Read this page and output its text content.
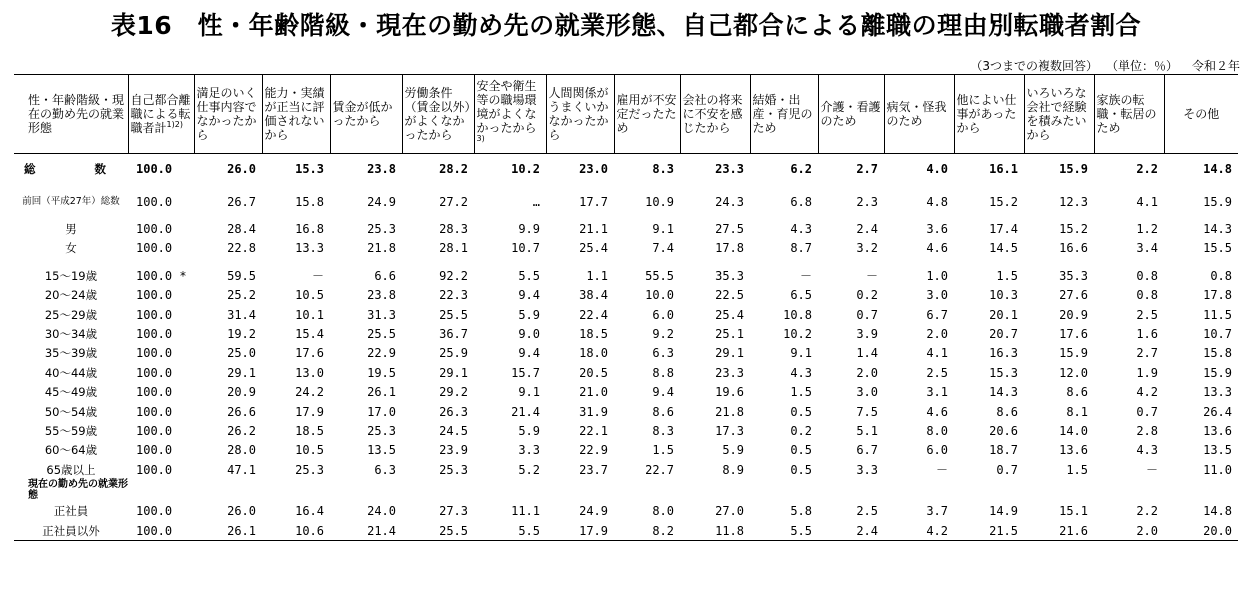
表16　性・年齢階級・現在の勤め先の就業形態、自己都合による離職の理由別転職者割合
（3つまでの複数回答） （単位：％） 令和２年
性・年齢階級・現在の勤め先の就業形態	自己都合離職による転職者計$^{1)2)}$	満足のいく仕事内容でなかったから	能力・実績が正当に評価されないから	賃金が低かったから	労働条件（賃金以外）がよくなかったから	安全や衛生等の職場環境がよくなかったから$^{3)}$	人間関係がうまくいかなかったから	雇用が不安定だったため	会社の将来に不安を感じたから	結婚・出産・育児のため	介護・看護のため	病気・怪我のため	他によい仕事があったから	いろいろな会社で経験を積みたいから	家族の転職・転居のため	その他
総　　数	100.0	26.0	15.3	23.8	28.2	10.2	23.0	8.3	23.3	6.2	2.7	4.0	16.1	15.9	2.2	14.8

前回（平成27年）総数	100.0	26.7	15.8	24.9	27.2	…	17.7	10.9	24.3	6.8	2.3	4.8	15.2	12.3	4.1	15.9

男	100.0	28.4	16.8	25.3	28.3	9.9	21.1	9.1	27.5	4.3	2.4	3.6	17.4	15.2	1.2	14.3
女	100.0	22.8	13.3	21.8	28.1	10.7	25.4	7.4	17.8	8.7	3.2	4.6	14.5	16.6	3.4	15.5

15～19歳	100.0 *	59.5	－	6.6	92.2	5.5	1.1	55.5	35.3	－	－	1.0	1.5	35.3	0.8	0.8
20～24歳	100.0	25.2	10.5	23.8	22.3	9.4	38.4	10.0	22.5	6.5	0.2	3.0	10.3	27.6	0.8	17.8
25～29歳	100.0	31.4	10.1	31.3	25.5	5.9	22.4	6.0	25.4	10.8	0.7	6.7	20.1	20.9	2.5	11.5
30～34歳	100.0	19.2	15.4	25.5	36.7	9.0	18.5	9.2	25.1	10.2	3.9	2.0	20.7	17.6	1.6	10.7
35～39歳	100.0	25.0	17.6	22.9	25.9	9.4	18.0	6.3	29.1	9.1	1.4	4.1	16.3	15.9	2.7	15.8
40～44歳	100.0	29.1	13.0	19.5	29.1	15.7	20.5	8.8	23.3	4.3	2.0	2.5	15.3	12.0	1.9	15.9
45～49歳	100.0	20.9	24.2	26.1	29.2	9.1	21.0	9.4	19.6	1.5	3.0	3.1	14.3	8.6	4.2	13.3
50～54歳	100.0	26.6	17.9	17.0	26.3	21.4	31.9	8.6	21.8	0.5	7.5	4.6	8.6	8.1	0.7	26.4
55～59歳	100.0	26.2	18.5	25.3	24.5	5.9	22.1	8.3	17.3	0.2	5.1	8.0	20.6	14.0	2.8	13.6
60～64歳	100.0	28.0	10.5	13.5	23.9	3.3	22.9	1.5	5.9	0.5	6.7	6.0	18.7	13.6	4.3	13.5
65歳以上	100.0	47.1	25.3	6.3	25.3	5.2	23.7	22.7	8.9	0.5	3.3	－	0.7	1.5	－	11.0
現在の勤め先の就業形態																
正社員	100.0	26.0	16.4	24.0	27.3	11.1	24.9	8.0	27.0	5.8	2.5	3.7	14.9	15.1	2.2	14.8
正社員以外	100.0	26.1	10.6	21.4	25.5	5.5	17.9	8.2	11.8	5.5	2.4	4.2	21.5	21.6	2.0	20.0
